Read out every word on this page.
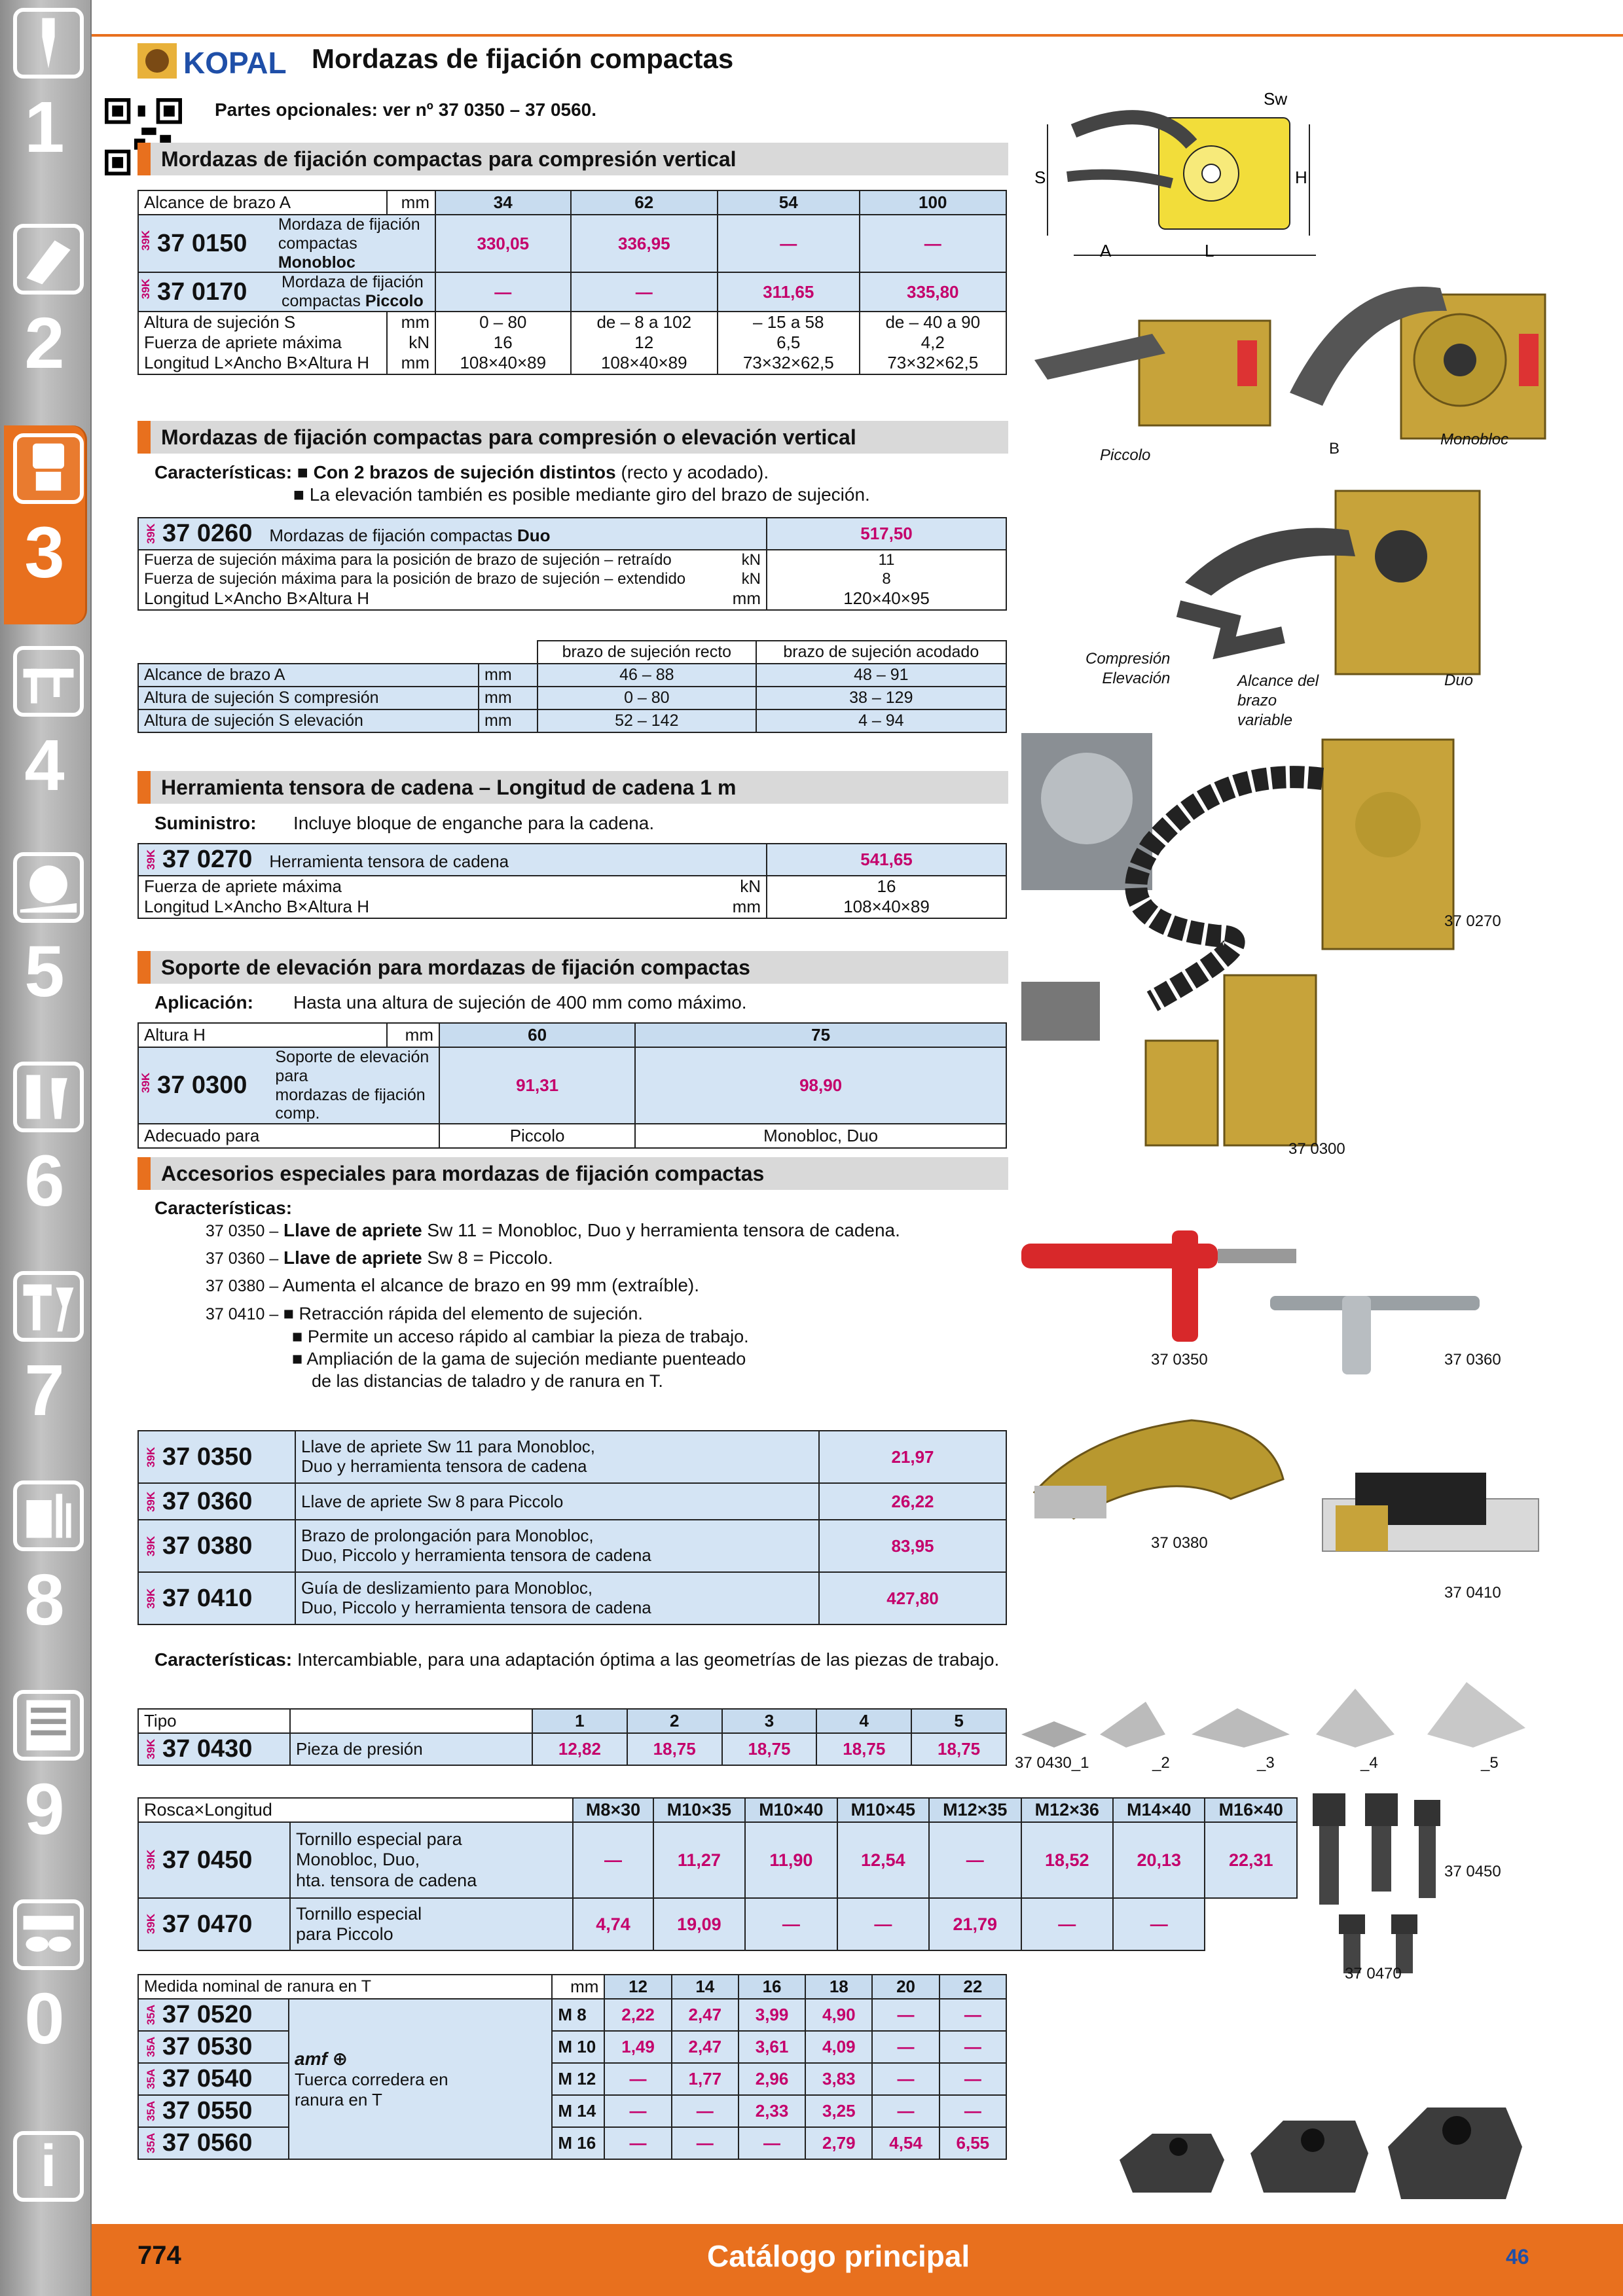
1
2
3
4
5
6
7
8
9
0
i
KOPAL Mordazas de fijación compactas
Partes opcionales: ver nº 37 0350 – 37 0560.
Mordazas de fijación compactas para compresión vertical
Alcance de brazo A	mm	34	62	54	100

39K 37 0150
Mordaza de fijación
compactas Monobloc		330,05	336,95	—	—

39K 37 0170 Mordaza de fijación
compactas Piccolo		—	—	311,65	335,80
Altura de sujeción S	mm	0 – 80	de – 8 a 102	– 15 a 58	de – 40 a 90
Fuerza de apriete máxima	kN	16	12	6,5	4,2
Longitud L×Ancho B×Altura H	mm	108×40×89	108×40×89	73×32×62,5	73×32×62,5
Mordazas de fijación compactas para compresión o elevación vertical
Características: ■ Con 2 brazos de sujeción distintos (recto y acodado).
■ La elevación también es posible mediante giro del brazo de sujeción.
39K 37 0260 Mordazas de fijación compactas Duo	517,50

Fuerza de sujeción máxima para la posición de brazo de sujeción – retraído kN	11

Fuerza de sujeción máxima para la posición de brazo de sujeción – extendido kN	8

Longitud L×Ancho B×Altura H mm	120×40×95
		brazo de sujeción recto	brazo de sujeción acodado
Alcance de brazo A	mm	46 – 88	48 – 91
Altura de sujeción S compresión	mm	0 – 80	38 – 129
Altura de sujeción S elevación	mm	52 – 142	4 – 94
Herramienta tensora de cadena – Longitud de cadena 1 m
Suministro: Incluye bloque de enganche para la cadena.
39K 37 0270 Herramienta tensora de cadena	541,65

Fuerza de apriete máxima kN	16

Longitud L×Ancho B×Altura H mm	108×40×89
Soporte de elevación para mordazas de fijación compactas
Aplicación: Hasta una altura de sujeción de 400 mm como máximo.
Altura H	mm	60	75

39K 37 0300
Soporte de elevación para
mordazas de fijación comp.		91,31	98,90
Adecuado para		Piccolo	Monobloc, Duo
Accesorios especiales para mordazas de fijación compactas
Características:
37 0350 – Llave de apriete Sw 11 = Monobloc, Duo y herramienta tensora de cadena.
37 0360 – Llave de apriete Sw 8 = Piccolo.
37 0380 – Aumenta el alcance de brazo en 99 mm (extraíble).
37 0410 – ■ Retracción rápida del elemento de sujeción.
■ Permite un acceso rápido al cambiar la pieza de trabajo.
■ Ampliación de la gama de sujeción mediante puenteado
de las distancias de taladro y de ranura en T.
39K 37 0350	Llave de apriete Sw 11 para Monobloc,
Duo y herramienta tensora de cadena	21,97
39K 37 0360	Llave de apriete Sw 8 para Piccolo	26,22
39K 37 0380	Brazo de prolongación para Monobloc,
Duo, Piccolo y herramienta tensora de cadena	83,95
39K 37 0410	Guía de deslizamiento para Monobloc,
Duo, Piccolo y herramienta tensora de cadena	427,80
Características: Intercambiable, para una adaptación óptima a las geometrías de las piezas de trabajo.
Tipo		1	2	3	4	5
39K 37 0430	Pieza de presión	12,82	18,75	18,75	18,75	18,75
Rosca×Longitud		M8×30	M10×35	M10×40	M10×45	M12×35	M12×36	M14×40	M16×40
39K 37 0450	Tornillo especial para
Monobloc, Duo,
hta. tensora de cadena	—	11,27	11,90	12,54	—	18,52	20,13	22,31
39K 37 0470	Tornillo especial
para Piccolo	4,74	19,09	—	—	21,79	—	—	
Medida nominal de ranura en T		mm	12	14	16	18	20	22
35A 37 0520	amf ⊕
Tuerca corredera en
ranura en T	M 8	2,22	2,47	3,99	4,90	—	—
35A 37 0530		M 10	1,49	2,47	3,61	4,09	—	—
35A 37 0540		M 12	—	1,77	2,96	3,83	—	—
35A 37 0550		M 14	—	—	2,33	3,25	—	—
35A 37 0560		M 16	—	—	—	2,79	4,54	6,55
Sw
S	H
A	L
Piccolo	B
Monobloc
Compresión
Elevación	Alcance del
brazo
variable
Duo
37 0270
37 0300
37 0350	37 0360
37 0380
37 0410
37 0430_1	_2	_3	_4	_5
37 0450
37 0470
774	Catálogo principal	46
